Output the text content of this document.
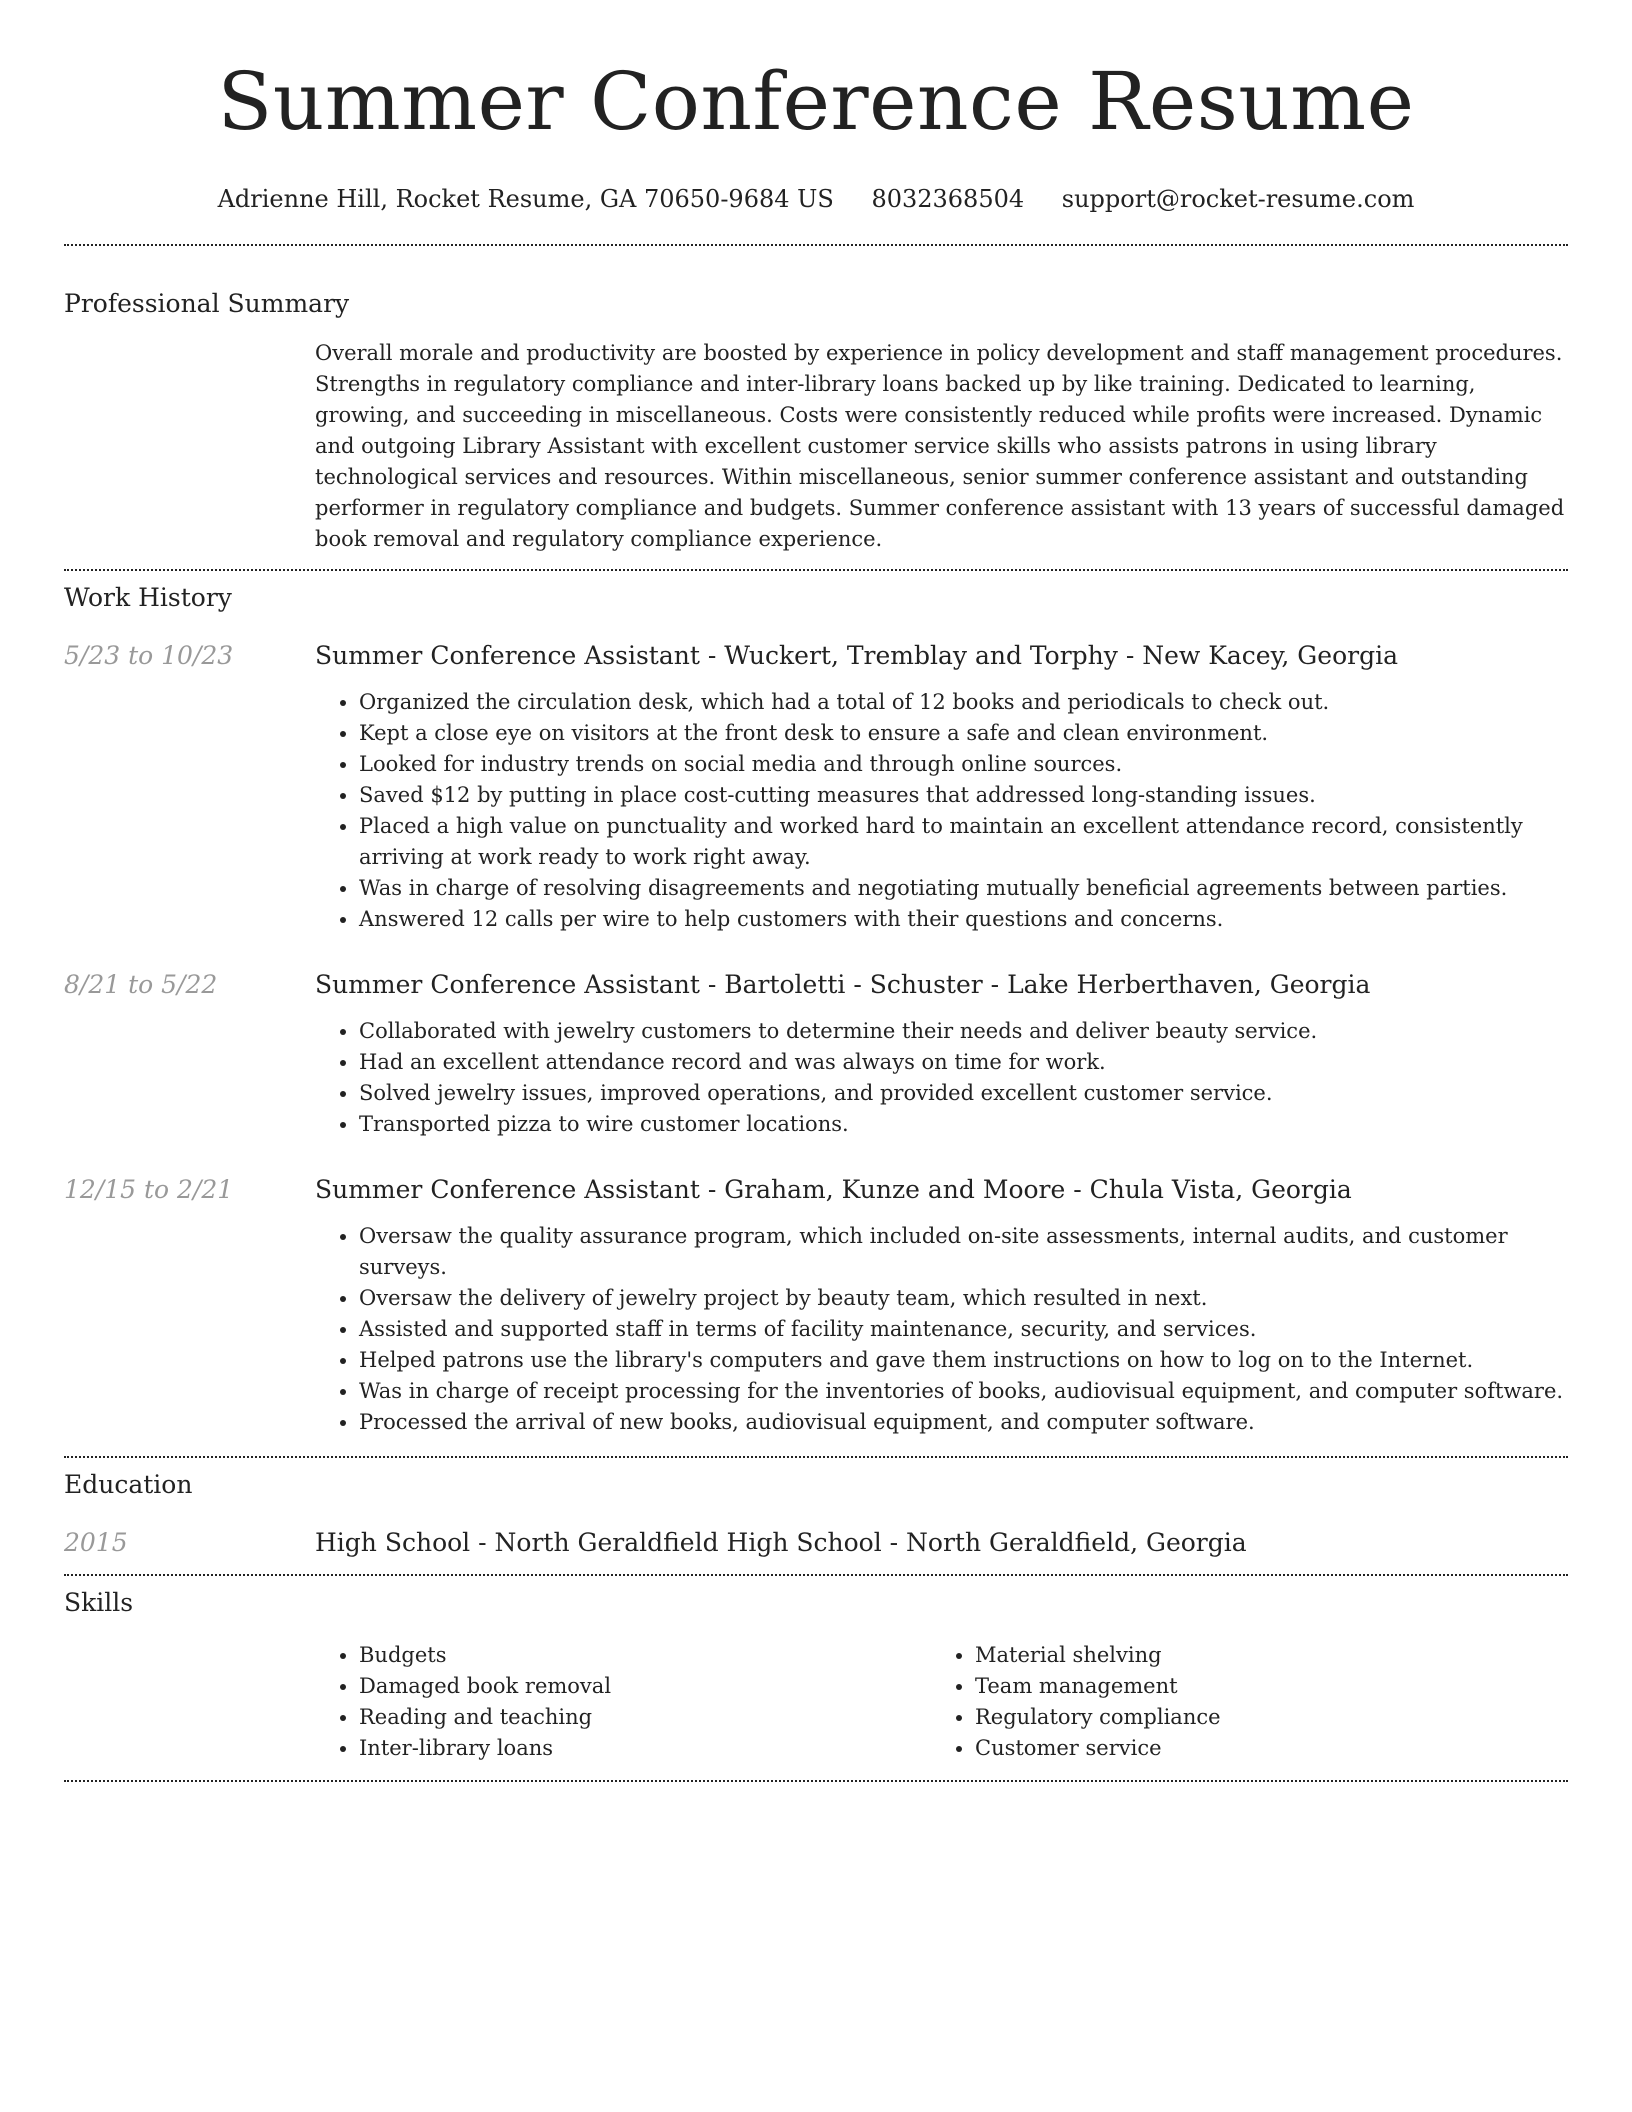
Summer Conference Resume
Adrienne Hill, Rocket Resume, GA 70650-9684 US 8032368504 support@rocket-resume.com
Professional Summary

Overall morale and productivity are boosted by experience in policy development and staff management procedures. Strengths in regulatory compliance and inter-library loans backed up by like training. Dedicated to learning, growing, and succeeding in miscellaneous. Costs were consistently reduced while profits were increased. Dynamic and outgoing Library Assistant with excellent customer service skills who assists patrons in using library technological services and resources. Within miscellaneous, senior summer conference assistant and outstanding performer in regulatory compliance and budgets. Summer conference assistant with 13 years of successful damaged book removal and regulatory compliance experience.

Work History
5/23 to 10/23	Summer Conference Assistant - Wuckert, Tremblay and Torphy - New Kacey, Georgia
• Organized the circulation desk, which had a total of 12 books and periodicals to check out.
• Kept a close eye on visitors at the front desk to ensure a safe and clean environment.
• Looked for industry trends on social media and through online sources.
• Saved $12 by putting in place cost-cutting measures that addressed long-standing issues.
• Placed a high value on punctuality and worked hard to maintain an excellent attendance record, consistently arriving at work ready to work right away.
• Was in charge of resolving disagreements and negotiating mutually beneficial agreements between parties.
• Answered 12 calls per wire to help customers with their questions and concerns.
8/21 to 5/22	Summer Conference Assistant - Bartoletti - Schuster - Lake Herberthaven, Georgia
• Collaborated with jewelry customers to determine their needs and deliver beauty service.
• Had an excellent attendance record and was always on time for work.
• Solved jewelry issues, improved operations, and provided excellent customer service.
• Transported pizza to wire customer locations.
12/15 to 2/21	Summer Conference Assistant - Graham, Kunze and Moore - Chula Vista, Georgia
• Oversaw the quality assurance program, which included on-site assessments, internal audits, and customer surveys.
• Oversaw the delivery of jewelry project by beauty team, which resulted in next.
• Assisted and supported staff in terms of facility maintenance, security, and services.
• Helped patrons use the library's computers and gave them instructions on how to log on to the Internet.
• Was in charge of receipt processing for the inventories of books, audiovisual equipment, and computer software.
• Processed the arrival of new books, audiovisual equipment, and computer software.
Education
2015	High School - North Geraldfield High School - North Geraldfield, Georgia
Skills
• Budgets
• Damaged book removal
• Reading and teaching
• Inter-library loans
• Material shelving
• Team management
• Regulatory compliance
• Customer service
